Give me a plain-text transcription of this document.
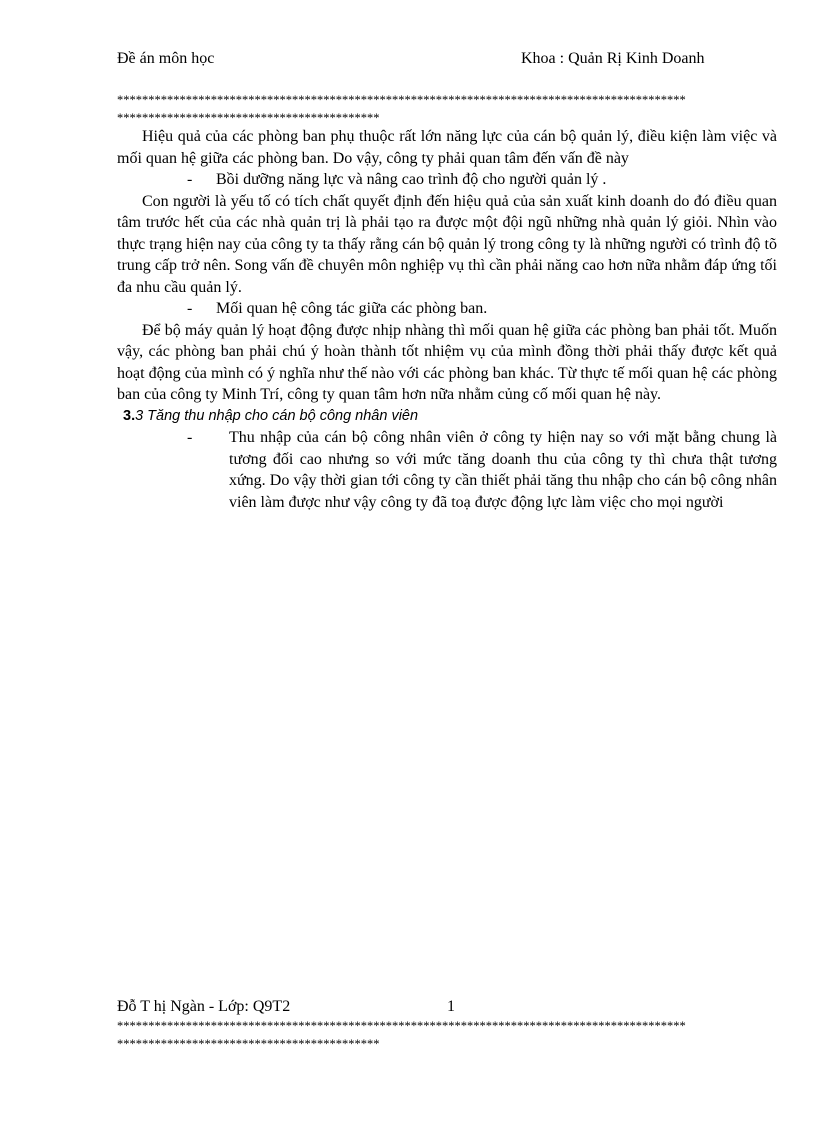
Đề án môn học	Khoa : Quản Rị Kinh Doanh
*******************************************************************************************
******************************************

Hiệu quả của các phòng ban phụ thuộc rất lớn năng lực của cán bộ quản lý, điều kiện làm việc và mối quan hệ giữa các phòng ban. Do vậy, công ty phải quan tâm đến vấn đề này

- Bồi dưỡng năng lực và nâng cao trình độ cho người quản lý .

Con người là yếu tố có tích chất quyết định đến hiệu quả của sản xuất kinh doanh do đó điều quan tâm trước hết của các nhà quản trị là phải tạo ra được một đội ngũ những nhà quản lý giỏi. Nhìn vào thực trạng hiện nay của công ty ta thấy rằng cán bộ quản lý trong công ty là những người có trình độ tõ trung cấp trở nên. Song vấn đề chuyên môn nghiệp vụ thì cần phải năng cao hơn nữa nhằm đáp ứng tối đa nhu cầu quản lý.

- Mối quan hệ công tác giữa các phòng ban.

Để bộ máy quản lý hoạt động được nhịp nhàng thì mối quan hệ giữa các phòng ban phải tốt. Muốn vậy, các phòng ban phải chú ý hoàn thành tốt nhiệm vụ của mình đồng thời phải thấy được kết quả hoạt động của mình có ý nghĩa như thế nào với các phòng ban khác. Từ thực tế mối quan hệ các phòng ban của công ty Minh Trí, công ty quan tâm hơn nữa nhằm củng cố mối quan hệ này.

3.3 Tăng thu nhập cho cán bộ công nhân viên

- Thu nhập của cán bộ công nhân viên ở công ty hiện nay so với mặt bằng chung là tương đối cao nhưng so với mức tăng doanh thu của công ty thì chưa thật tương xứng. Do vậy thời gian tới công ty cần thiết phải tăng thu nhập cho cán bộ công nhân viên làm được như vậy công ty đã toạ được động lực làm việc cho mọi người

Đỗ T hị Ngàn - Lớp: Q9T2	1
*******************************************************************************************
******************************************
